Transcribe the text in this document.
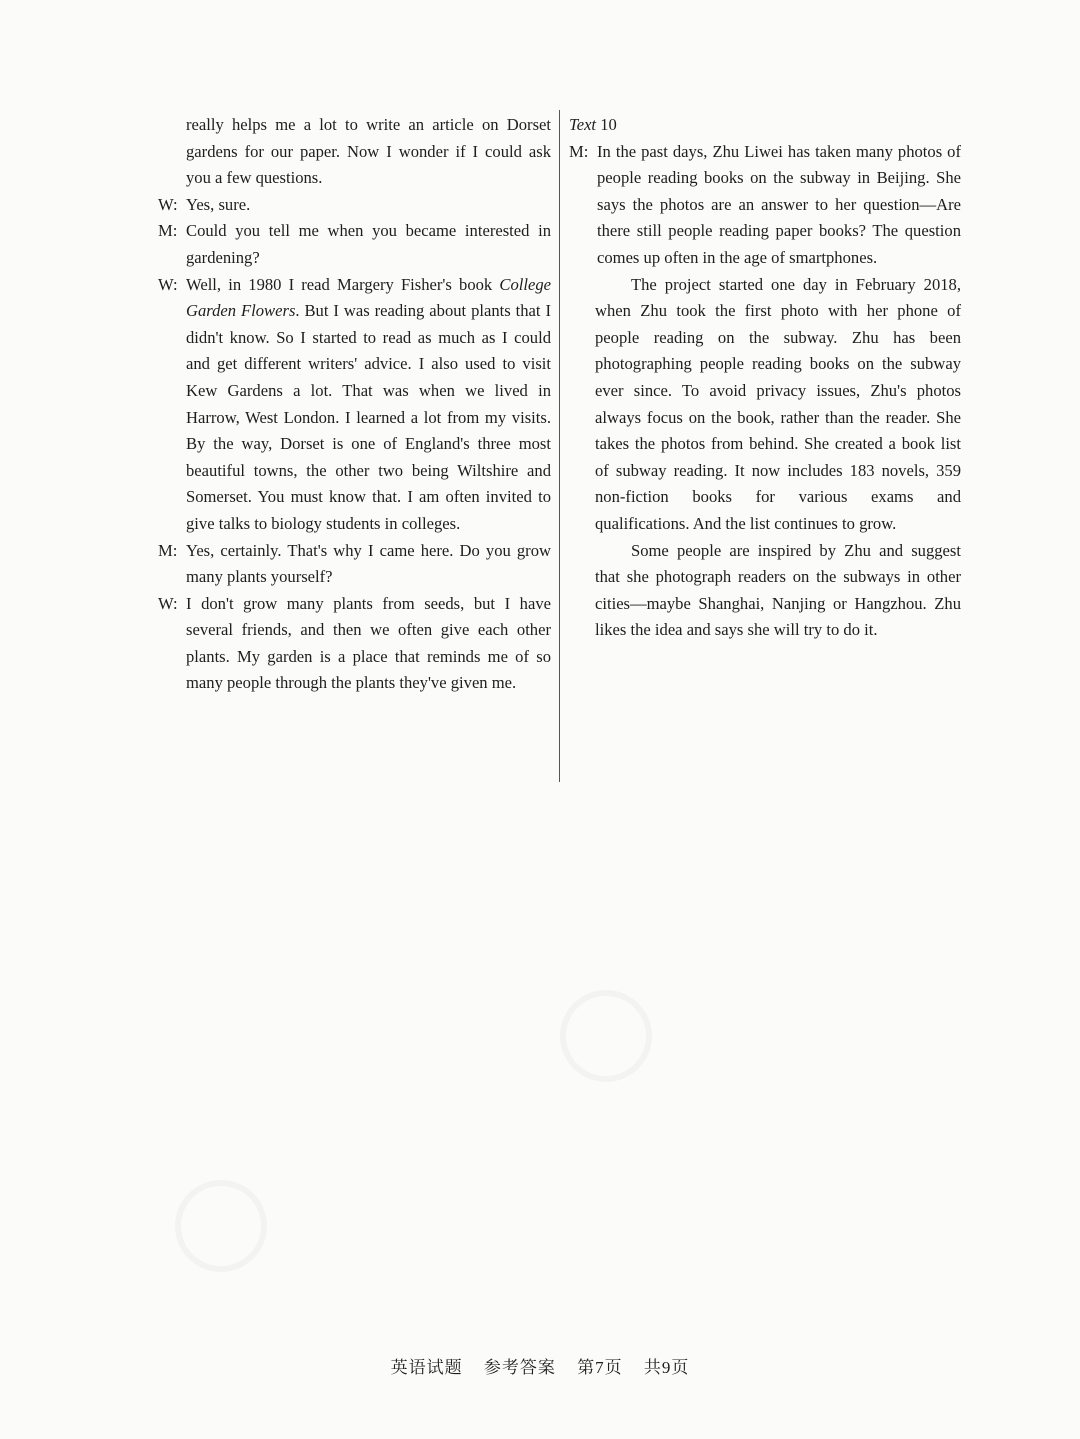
really helps me a lot to write an article on Dorset gardens for our paper. Now I wonder if I could ask you a few questions.
W: Yes, sure.
M: Could you tell me when you became interested in gardening?
W: Well, in 1980 I read Margery Fisher's book College Garden Flowers. But I was reading about plants that I didn't know. So I started to read as much as I could and get different writers' advice. I also used to visit Kew Gardens a lot. That was when we lived in Harrow, West London. I learned a lot from my visits. By the way, Dorset is one of England's three most beautiful towns, the other two being Wiltshire and Somerset. You must know that. I am often invited to give talks to biology students in colleges.
M: Yes, certainly. That's why I came here. Do you grow many plants yourself?
W: I don't grow many plants from seeds, but I have several friends, and then we often give each other plants. My garden is a place that reminds me of so many people through the plants they've given me.
Text 10
M: In the past days, Zhu Liwei has taken many photos of people reading books on the subway in Beijing. She says the photos are an answer to her question—Are there still people reading paper books? The question comes up often in the age of smartphones.
The project started one day in February 2018, when Zhu took the first photo with her phone of people reading on the subway. Zhu has been photographing people reading books on the subway ever since. To avoid privacy issues, Zhu's photos always focus on the book, rather than the reader. She takes the photos from behind. She created a book list of subway reading. It now includes 183 novels, 359 non-fiction books for various exams and qualifications. And the list continues to grow.
Some people are inspired by Zhu and suggest that she photograph readers on the subways in other cities—maybe Shanghai, Nanjing or Hangzhou. Zhu likes the idea and says she will try to do it.
英语试题 参考答案 第7页 共9页
